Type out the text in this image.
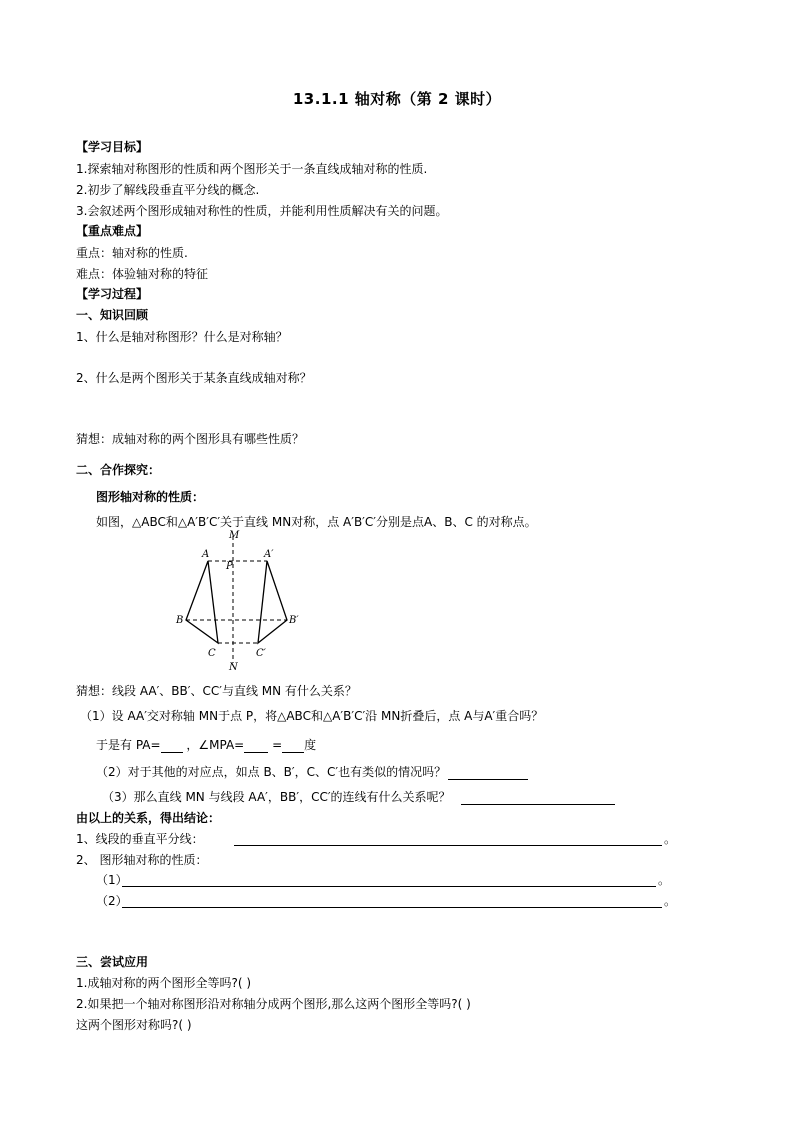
13.1.1 轴对称（第 2 课时）
【学习目标】
1.探索轴对称图形的性质和两个图形关于一条直线成轴对称的性质.
2.初步了解线段垂直平分线的概念.
3.会叙述两个图形成轴对称性的性质，并能利用性质解决有关的问题。
【重点难点】
重点：轴对称的性质.
难点：体验轴对称的特征
【学习过程】
一、知识回顾
1、什么是轴对称图形？什么是对称轴？
2、什么是两个图形关于某条直线成轴对称？
猜想：成轴对称的两个图形具有哪些性质？
二、合作探究：
图形轴对称的性质：
如图，△ABC和△A′B′C′关于直线 MN对称，点 A′B′C′分别是点A、B、C 的对称点。
M
N
P
A	A′
B	B′
C	C′
猜想：线段 AA′、BB′、CC′与直线 MN 有什么关系？
（1）设 AA′交对称轴 MN于点 P，将△ABC和△A′B′C′沿 MN折叠后，点 A与A′重合吗？
于是有 PA= ，∠MPA= = 度
（2）对于其他的对应点，如点 B、B′，C、C′也有类似的情况吗？
（3）那么直线 MN 与线段 AA′，BB′，CC′的连线有什么关系呢？
由以上的关系，得出结论：
1、线段的垂直平分线：	。
2、 图形轴对称的性质：
（1）	。
（2）	。
三、尝试应用
1.成轴对称的两个图形全等吗?( )
2.如果把一个轴对称图形沿对称轴分成两个图形,那么这两个图形全等吗?( )
这两个图形对称吗?( )
